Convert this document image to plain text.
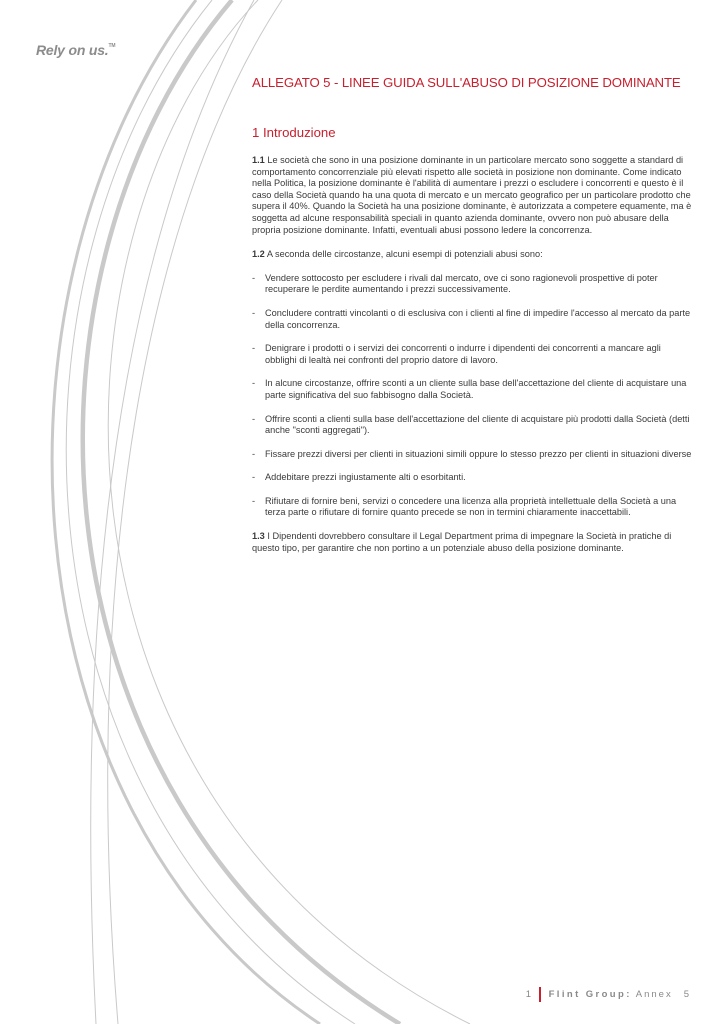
Rely on us.™
ALLEGATO 5 - LINEE GUIDA SULL'ABUSO DI POSIZIONE DOMINANTE
1 Introduzione

1.1 Le società che sono in una posizione dominante in un particolare mercato sono soggette a standard di comportamento concorrenziale più elevati rispetto alle società in posizione non dominante. Come indicato nella Politica, la posizione dominante è l'abilità di aumentare i prezzi o escludere i concorrenti e questo è il caso della Società quando ha una quota di mercato e un mercato geografico per un particolare prodotto che supera il 40%. Quando la Società ha una posizione dominante, è autorizzata a competere equamente, ma è soggetta ad alcune responsabilità speciali in quanto azienda dominante, ovvero non può abusare della propria posizione dominante. Infatti, eventuali abusi possono ledere la concorrenza.

1.2 A seconda delle circostanze, alcuni esempi di potenziali abusi sono:

- Vendere sottocosto per escludere i rivali dal mercato, ove ci sono ragionevoli prospettive di poter recuperare le perdite aumentando i prezzi successivamente.
- Concludere contratti vincolanti o di esclusiva con i clienti al fine di impedire l'accesso al mercato da parte della concorrenza.
- Denigrare i prodotti o i servizi dei concorrenti o indurre i dipendenti dei concorrenti a mancare agli obblighi di lealtà nei confronti del proprio datore di lavoro.
- In alcune circostanze, offrire sconti a un cliente sulla base dell'accettazione del cliente di acquistare una parte significativa del suo fabbisogno dalla Società.
- Offrire sconti a clienti sulla base dell'accettazione del cliente di acquistare più prodotti dalla Società (detti anche "sconti aggregati").
- Fissare prezzi diversi per clienti in situazioni simili oppure lo stesso prezzo per clienti in situazioni diverse
- Addebitare prezzi ingiustamente alti o esorbitanti.
- Rifiutare di fornire beni, servizi o concedere una licenza alla proprietà intellettuale della Società a una terza parte o rifiutare di fornire quanto precede se non in termini chiaramente inaccettabili.

1.3 I Dipendenti dovrebbero consultare il Legal Department prima di impegnare la Società in pratiche di questo tipo, per garantire che non portino a un potenziale abuso della posizione dominante.

1 Flint Group: Annex 5
